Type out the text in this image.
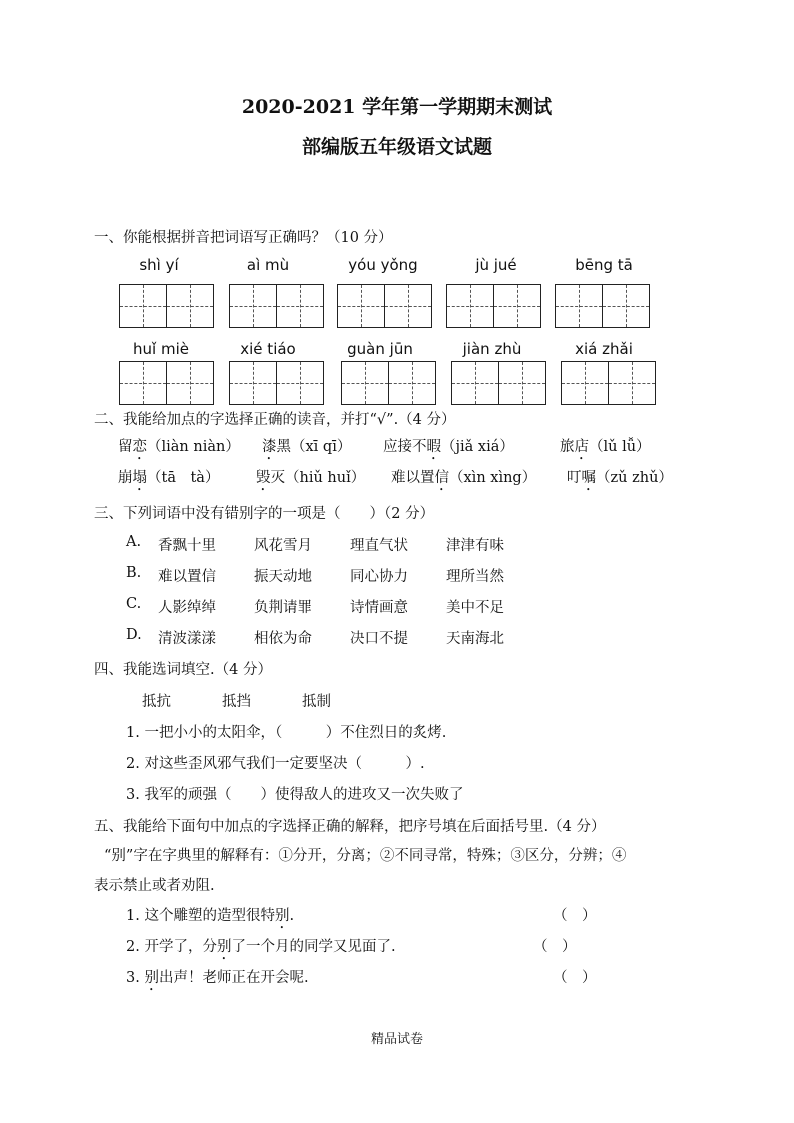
2020-2021 学年第一学期期末测试
部编版五年级语文试题
一、你能根据拼音把词语写正确吗？（10 分）
shì yí	aì mù	yóu yǒng	jù jué	bēng tā
huǐ miè	xié tiáo	guàn jūn	jiàn zhù	xiá zhǎi
二、我能给加点的字选择正确的读音，并打“√”.（4 分）
留恋（liàn niàn） 漆黑（xī qī） 应接不暇（jiǎ xiá）	旅店（lǔ lǚ）
崩塌（tā　tà）	毁灭（hiǔ huǐ） 难以置信（xìn xìng） 叮嘱（zǔ zhǔ）
三、下列词语中没有错别字的一项是（　　）（2 分）
A. 香飘十里	风花雪月	理直气状	津津有味
B. 难以置信	振天动地	同心协力	理所当然
C. 人影绰绰	负荆请罪	诗情画意	美中不足
D. 清波漾漾	相依为命	决口不提	天南海北
四、我能选词填空.（4 分）
抵抗	抵挡	抵制
1. 一把小小的太阳伞，（　　　）不住烈日的炙烤.
2. 对这些歪风邪气我们一定要坚决（　　　）.
3. 我军的顽强（　　）使得敌人的进攻又一次失败了
五、我能给下面句中加点的字选择正确的解释，把序号填在后面括号里.（4 分）
“别”字在字典里的解释有：①分开，分离；②不同寻常，特殊；③区分，分辨；④
表示禁止或者劝阻.
1. 这个雕塑的造型很特别.	（　）
2. 开学了，分别了一个月的同学又见面了.	（　）
3. 别出声！老师正在开会呢.	（　）
精品试卷
